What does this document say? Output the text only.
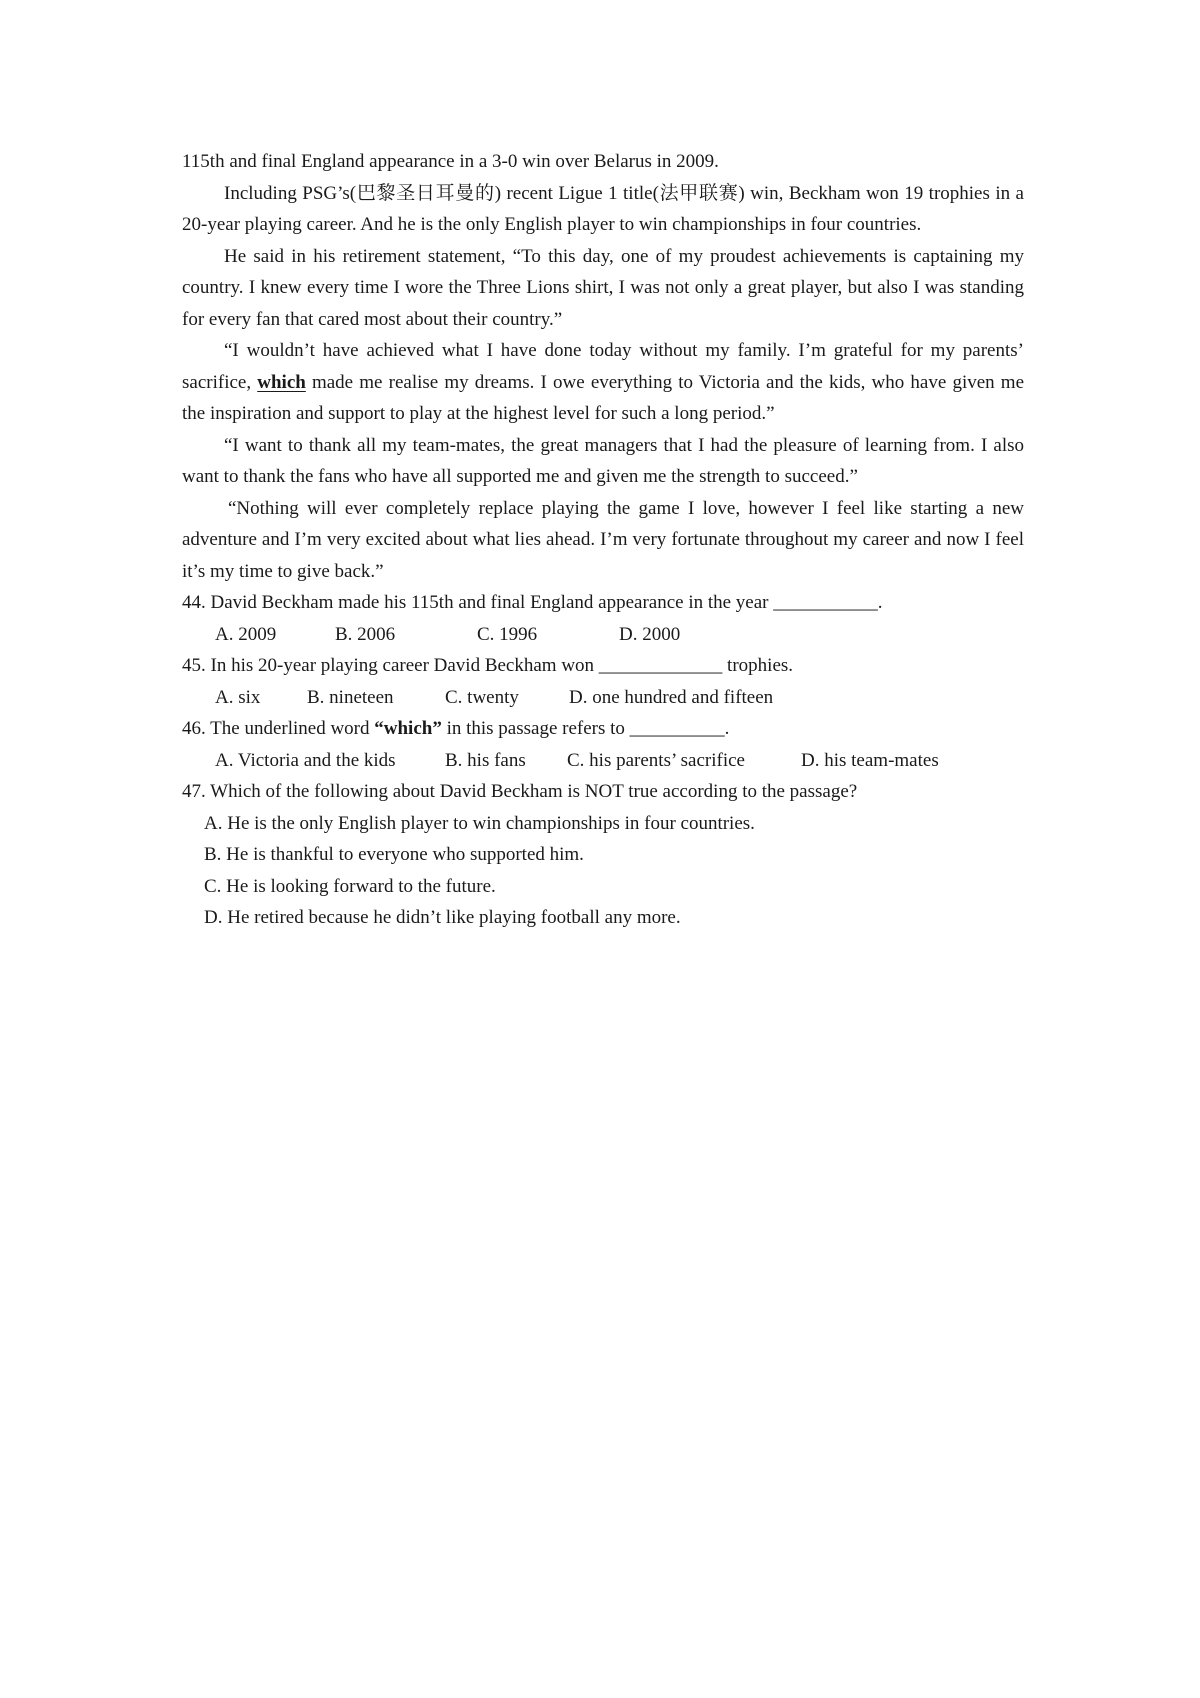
115th and final England appearance in a 3-0 win over Belarus in 2009.

Including PSG’s(巴黎圣日耳曼的) recent Ligue 1 title(法甲联赛) win, Beckham won 19 trophies in a 20-year playing career. And he is the only English player to win championships in four countries.

He said in his retirement statement, “To this day, one of my proudest achievements is captaining my country. I knew every time I wore the Three Lions shirt, I was not only a great player, but also I was standing for every fan that cared most about their country.”

“I wouldn’t have achieved what I have done today without my family. I’m grateful for my parents’ sacrifice, which made me realise my dreams. I owe everything to Victoria and the kids, who have given me the inspiration and support to play at the highest level for such a long period.”

“I want to thank all my team-mates, the great managers that I had the pleasure of learning from. I also want to thank the fans who have all supported me and given me the strength to succeed.”

“Nothing will ever completely replace playing the game I love, however I feel like starting a new adventure and I’m very excited about what lies ahead. I’m very fortunate throughout my career and now I feel it’s my time to give back.”

44. David Beckham made his 115th and final England appearance in the year ___________.

A. 2009	B. 2006	C. 1996	D. 2000

45. In his 20-year playing career David Beckham won _____________ trophies.

A. six B. nineteen	C. twenty	D. one hundred and fifteen

46. The underlined word “which” in this passage refers to __________.

A. Victoria and the kids	B. his fans C. his parents’ sacrifice	D. his team-mates

47. Which of the following about David Beckham is NOT true according to the passage?

A. He is the only English player to win championships in four countries.

B. He is thankful to everyone who supported him.

C. He is looking forward to the future.

D. He retired because he didn’t like playing football any more.
